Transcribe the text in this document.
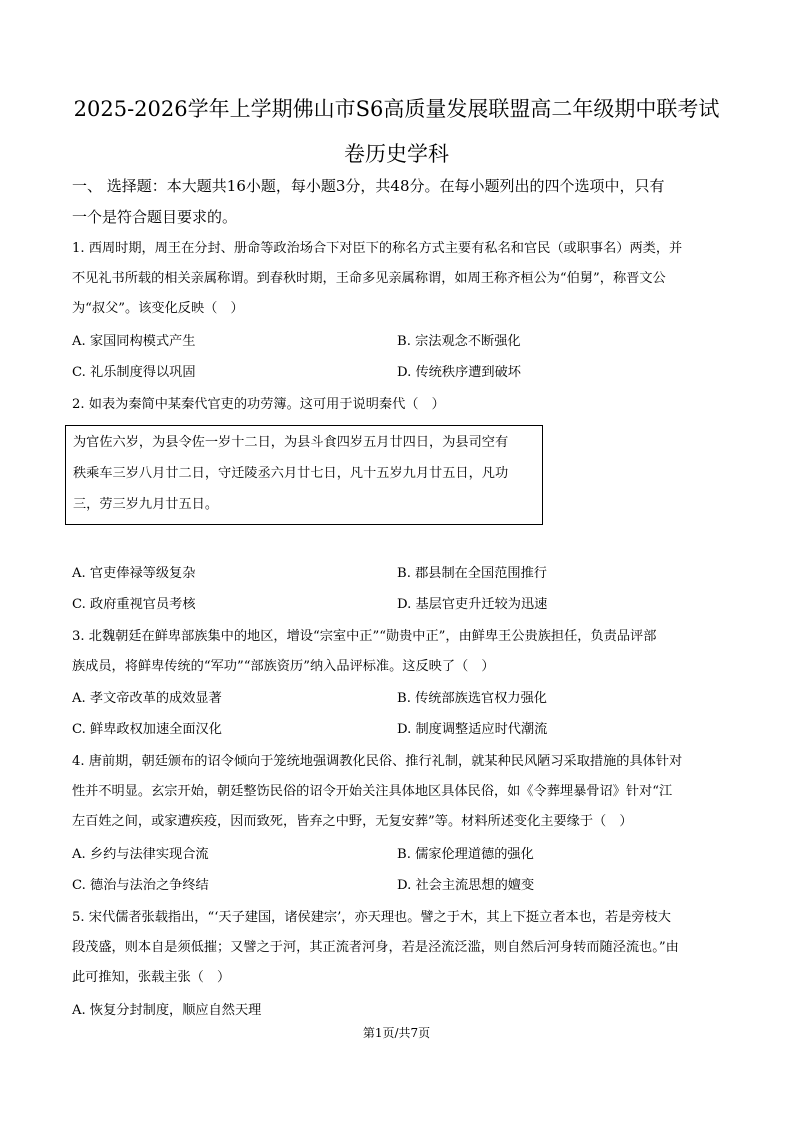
2025-2026学年上学期佛山市S6高质量发展联盟高二年级期中联考试
卷历史学科
一、 选择题：本大题共16小题，每小题3分，共48分。在每小题列出的四个选项中，只有
一个是符合题目要求的。
1. 西周时期，周王在分封、册命等政治场合下对臣下的称名方式主要有私名和官民（或职事名）两类，并
不见礼书所载的相关亲属称谓。到春秋时期，王命多见亲属称谓，如周王称齐桓公为“伯舅”，称晋文公
为“叔父”。该变化反映（　）
A. 家国同构模式产生	B. 宗法观念不断强化
C. 礼乐制度得以巩固	D. 传统秩序遭到破坏
2. 如表为秦简中某秦代官吏的功劳簿。这可用于说明秦代（　）
为官佐六岁，为县令佐一岁十二日，为县斗食四岁五月廿四日，为县司空有
秩乘车三岁八月廿二日，守迁陵丞六月廿七日，凡十五岁九月廿五日，凡功
三，劳三岁九月廿五日。
A. 官吏俸禄等级复杂	B. 郡县制在全国范围推行
C. 政府重视官员考核	D. 基层官吏升迁较为迅速
3. 北魏朝廷在鲜卑部族集中的地区，增设“宗室中正”“勋贵中正”，由鲜卑王公贵族担任，负责品评部
族成员，将鲜卑传统的“军功”“部族资历”纳入品评标准。这反映了（　）
A. 孝文帝改革的成效显著	B. 传统部族选官权力强化
C. 鲜卑政权加速全面汉化	D. 制度调整适应时代潮流
4. 唐前期，朝廷颁布的诏令倾向于笼统地强调教化民俗、推行礼制，就某种民风陋习采取措施的具体针对
性并不明显。玄宗开始，朝廷整饬民俗的诏令开始关注具体地区具体民俗，如《令葬埋暴骨诏》针对“江
左百姓之间，或家遭疾疫，因而致死，皆弃之中野，无复安葬”等。材料所述变化主要缘于（　）
A. 乡约与法律实现合流	B. 儒家伦理道德的强化
C. 德治与法治之争终结	D. 社会主流思想的嬗变
5. 宋代儒者张载指出，“‘天子建国，诸侯建宗’，亦天理也。譬之于木，其上下挺立者本也，若是旁枝大
段茂盛，则本自是须低摧；又譬之于河，其正流者河身，若是泾流泛滥，则自然后河身转而随泾流也。”由
此可推知，张载主张（　）
A. 恢复分封制度，顺应自然天理
第1页/共7页
